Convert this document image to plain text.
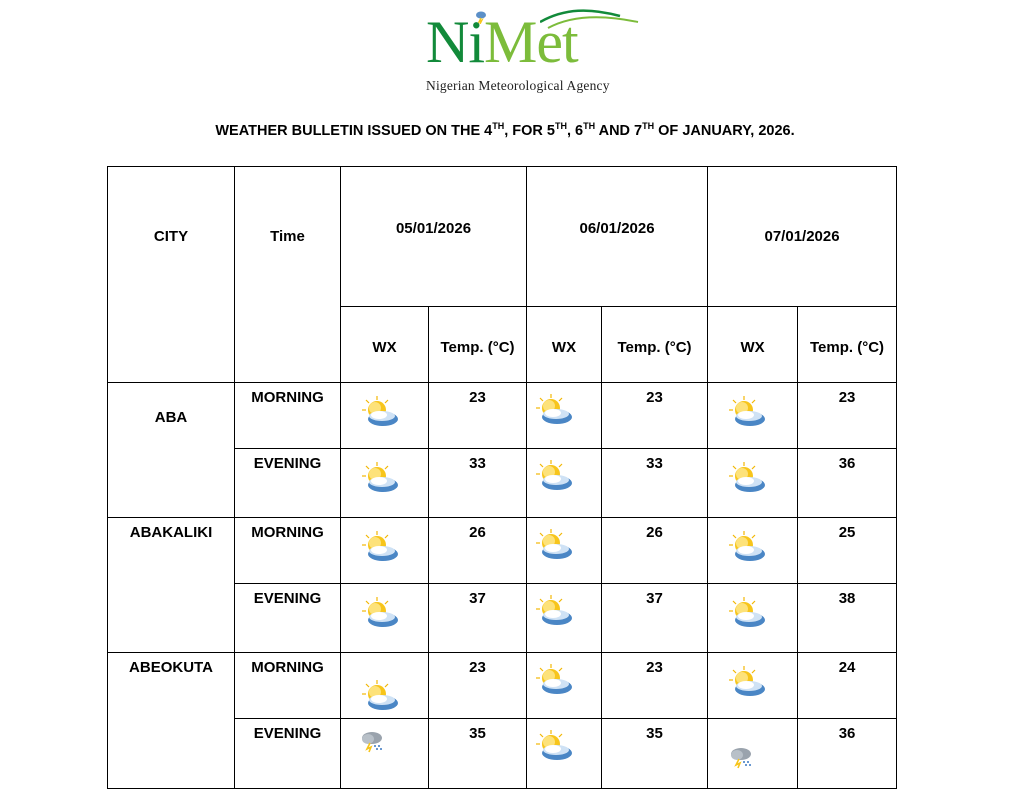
NiMet
Nigerian Meteorological Agency
WEATHER BULLETIN ISSUED ON THE 4TH, FOR 5TH, 6TH AND 7TH OF JANUARY, 2026.
CITY	Time	05/01/2026		06/01/2026		07/01/2026	
		WX	Temp. (°C)	WX	Temp. (°C)	WX	Temp. (°C)
ABA	MORNING		23		23		23
	EVENING		33		33		36
ABAKALIKI	MORNING		26		26		25
	EVENING		37		37		38
ABEOKUTA	MORNING		23		23		24
	EVENING		35		35		36
